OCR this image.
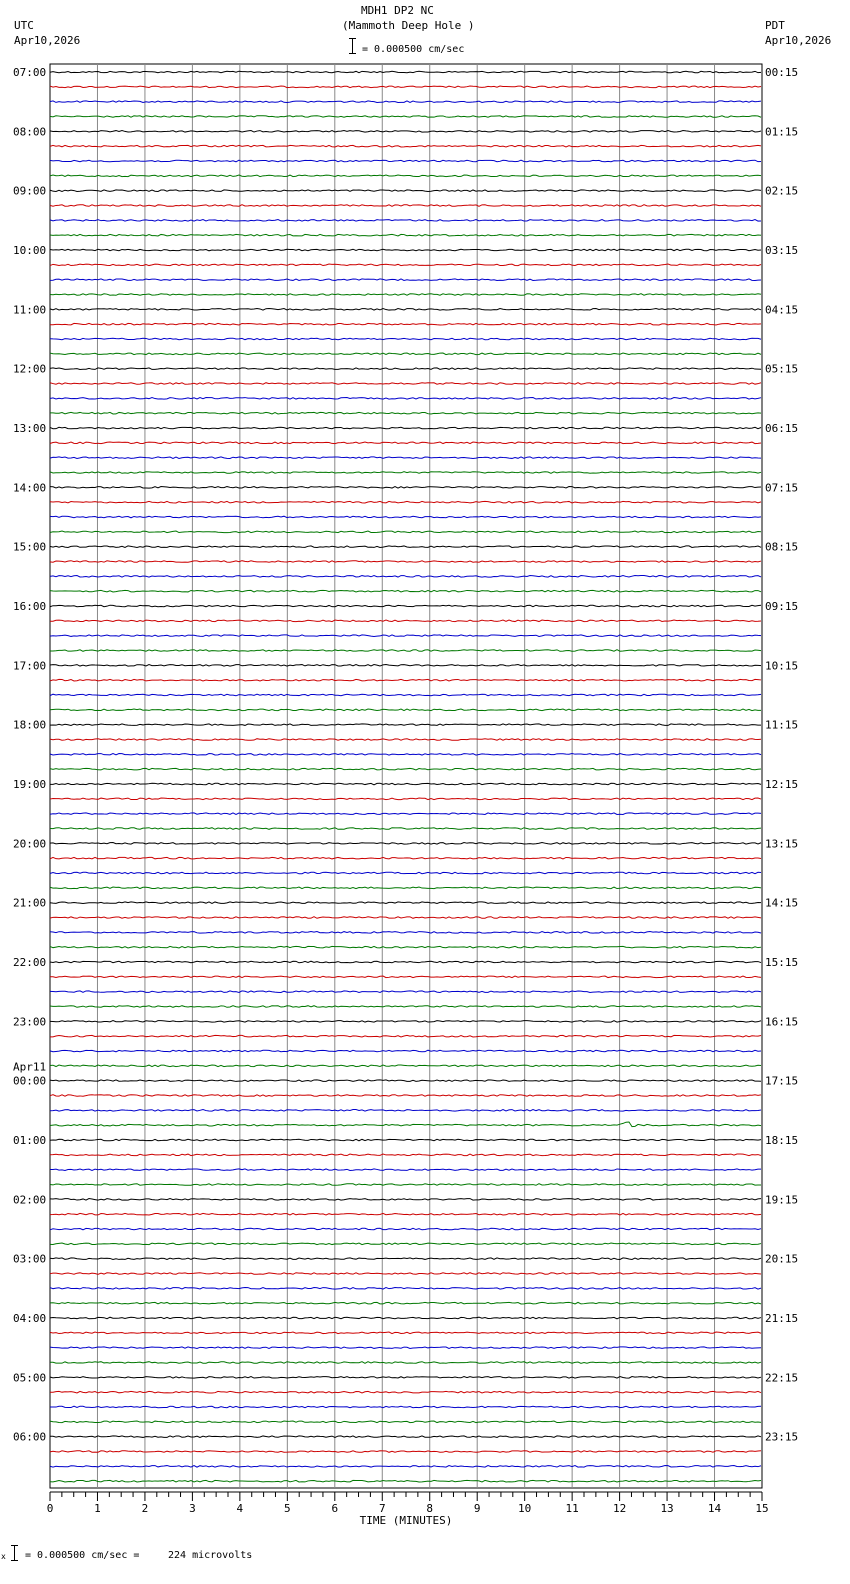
MDH1 DP2 NC
(Mammoth Deep Hole )
UTC
Apr10,2026
PDT
Apr10,2026
= 0.000500 cm/sec
07:00
08:00
09:00
10:00
11:00
12:00
13:00
14:00
15:00
16:00
17:00
18:00
19:00
20:00
21:00
22:00
23:00
00:00
01:00
02:00
03:00
04:00
05:00
06:00
00:15
01:15
02:15
03:15
04:15
05:15
06:15
07:15
08:15
09:15
10:15
11:15
12:15
13:15
14:15
15:15
16:15
17:15
18:15
19:15
20:15
21:15
22:15
23:15
Apr11
0	1	2	3	4	5	6	7	8	9	10	11	12	13	14	15
TIME (MINUTES)
x = 0.000500 cm/sec =	224 microvolts
